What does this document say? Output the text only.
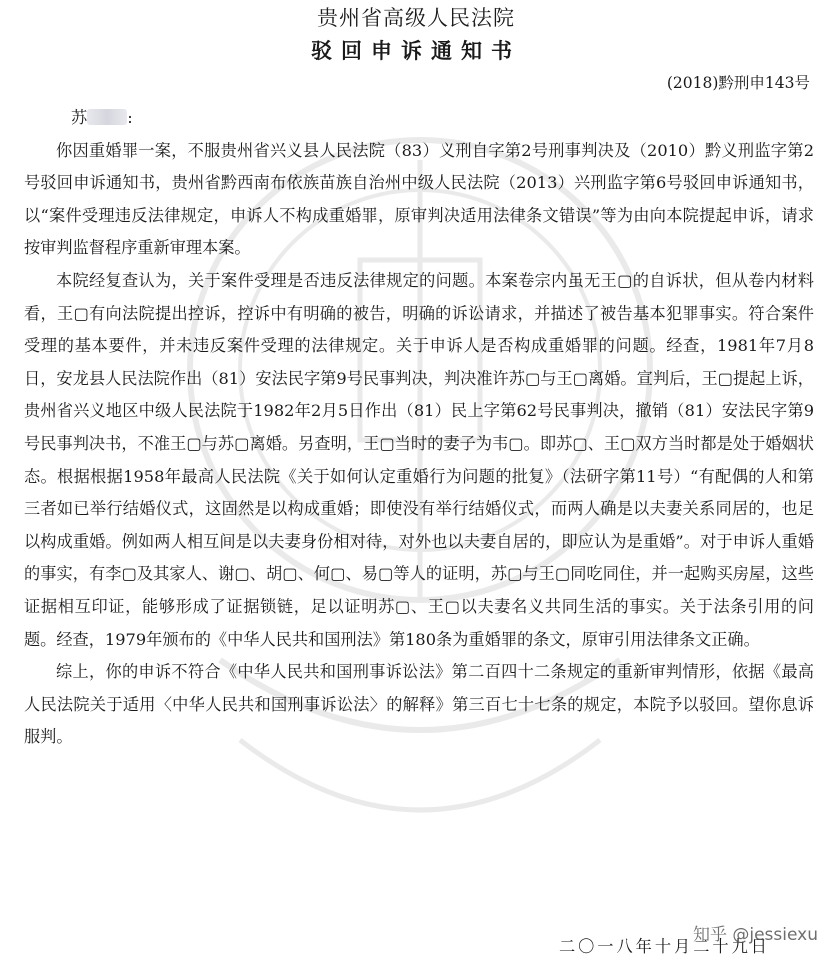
贵州省高级人民法院
驳回申诉通知书
(2018)黔刑申143号

苏 :

你因重婚罪一案，不服贵州省兴义县人民法院（83）义刑自字第2号刑事判决及（2010）黔义刑监字第2号驳回申诉通知书，贵州省黔西南布依族苗族自治州中级人民法院（2013）兴刑监字第6号驳回申诉通知书，以“案件受理违反法律规定，申诉人不构成重婚罪，原审判决适用法律条文错误”等为由向本院提起申诉，请求按审判监督程序重新审理本案。

本院经复查认为，关于案件受理是否违反法律规定的问题。本案卷宗内虽无王▢的自诉状，但从卷内材料看，王▢有向法院提出控诉，控诉中有明确的被告，明确的诉讼请求，并描述了被告基本犯罪事实。符合案件受理的基本要件，并未违反案件受理的法律规定。关于申诉人是否构成重婚罪的问题。经查，1981年7月8日，安龙县人民法院作出（81）安法民字第9号民事判决，判决准许苏▢与王▢离婚。宣判后，王▢提起上诉，贵州省兴义地区中级人民法院于1982年2月5日作出（81）民上字第62号民事判决，撤销（81）安法民字第9号民事判决书，不准王▢与苏▢离婚。另查明，王▢当时的妻子为韦▢。即苏▢、王▢双方当时都是处于婚姻状态。根据根据1958年最高人民法院《关于如何认定重婚行为问题的批复》（法研字第11号）“有配偶的人和第三者如已举行结婚仪式，这固然是以构成重婚；即使没有举行结婚仪式，而两人确是以夫妻关系同居的，也足以构成重婚。例如两人相互间是以夫妻身份相对待，对外也以夫妻自居的，即应认为是重婚”。对于申诉人重婚的事实，有李▢及其家人、谢▢、胡▢、何▢、易▢等人的证明，苏▢与王▢同吃同住，并一起购买房屋，这些证据相互印证，能够形成了证据锁链，足以证明苏▢、王▢以夫妻名义共同生活的事实。关于法条引用的问题。经查，1979年颁布的《中华人民共和国刑法》第180条为重婚罪的条文，原审引用法律条文正确。

综上，你的申诉不符合《中华人民共和国刑事诉讼法》第二百四十二条规定的重新审判情形，依据《最高人民法院关于适用〈中华人民共和国刑事诉讼法〉的解释》第三百七十七条的规定，本院予以驳回。望你息诉服判。

二〇一八年十月二十九日
知乎 @jessiexu
